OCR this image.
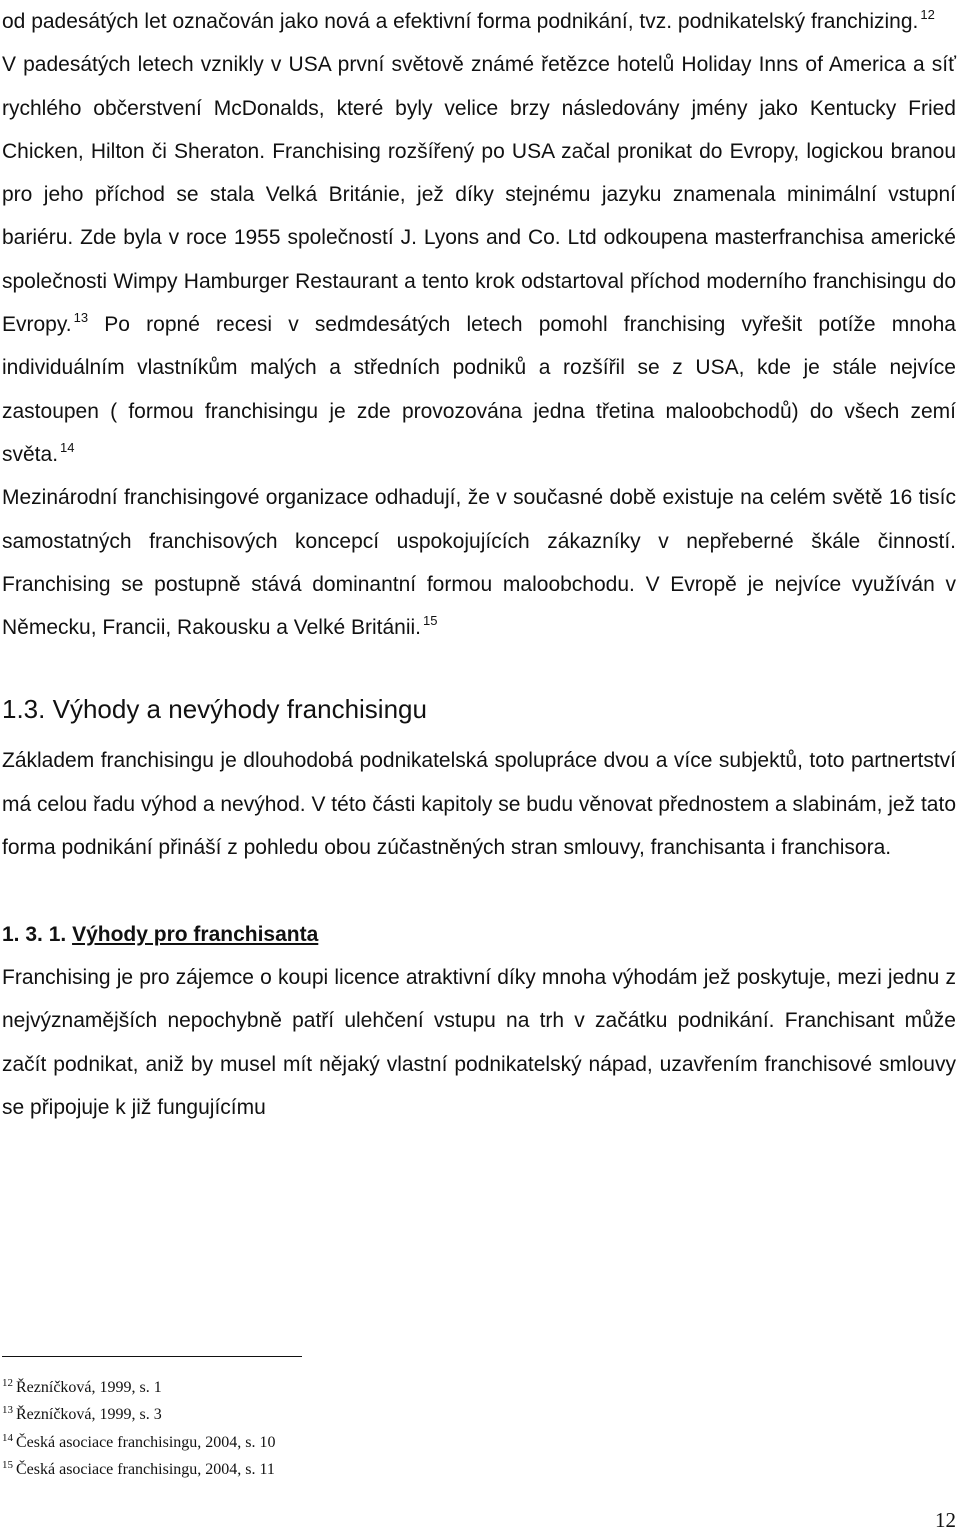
od padesátých let označován jako nová a efektivní forma podnikání, tvz. podnikatelský franchizing. $^{12}$

V padesátých letech vznikly v USA první světově známé řetězce hotelů Holiday Inns of America a síť rychlého občerstvení McDonalds, které byly velice brzy následovány jmény jako Kentucky Fried Chicken, Hilton či Sheraton. Franchising rozšířený po USA začal pronikat do Evropy, logickou branou pro jeho příchod se stala Velká Británie, jež díky stejnému jazyku znamenala minimální vstupní bariéru. Zde byla v roce 1955 společností J. Lyons and Co. Ltd odkoupena masterfranchisa americké společnosti Wimpy Hamburger Restaurant a tento krok odstartoval příchod moderního franchisingu do Evropy. $^{13}$ Po ropné recesi v sedmdesátých letech pomohl franchising vyřešit potíže mnoha individuálním vlastníkům malých a středních podniků a rozšířil se z USA, kde je stále nejvíce zastoupen ( formou franchisingu je zde provozována jedna třetina maloobchodů) do všech zemí světa. $^{14}$

Mezinárodní franchisingové organizace odhadují, že v současné době existuje na celém světě 16 tisíc samostatných franchisových koncepcí uspokojujících zákazníky v nepřeberné škále činností. Franchising se postupně stává dominantní formou maloobchodu. V Evropě je nejvíce využíván v Německu, Francii, Rakousku a Velké Británii. $^{15}$

1.3. Výhody a nevýhody franchisingu

Základem franchisingu je dlouhodobá podnikatelská spolupráce dvou a více subjektů, toto partnertství má celou řadu výhod a nevýhod. V této části kapitoly se budu věnovat přednostem a slabinám, jež tato forma podnikání přináší z pohledu obou zúčastněných stran smlouvy, franchisanta i franchisora.

1. 3. 1. Výhody pro franchisanta

Franchising je pro zájemce o koupi licence atraktivní díky mnoha výhodám jež poskytuje, mezi jednu z nejvýznamějších nepochybně patří ulehčení vstupu na trh v začátku podnikání. Franchisant může začít podnikat, aniž by musel mít nějaký vlastní podnikatelský nápad, uzavřením franchisové smlouvy se připojuje k již fungujícímu

$^{12}$ Řezníčková, 1999, s. 1
$^{13}$ Řezníčková, 1999, s. 3
$^{14}$ Česká asociace franchisingu, 2004, s. 10
$^{15}$ Česká asociace franchisingu, 2004, s. 11
12
